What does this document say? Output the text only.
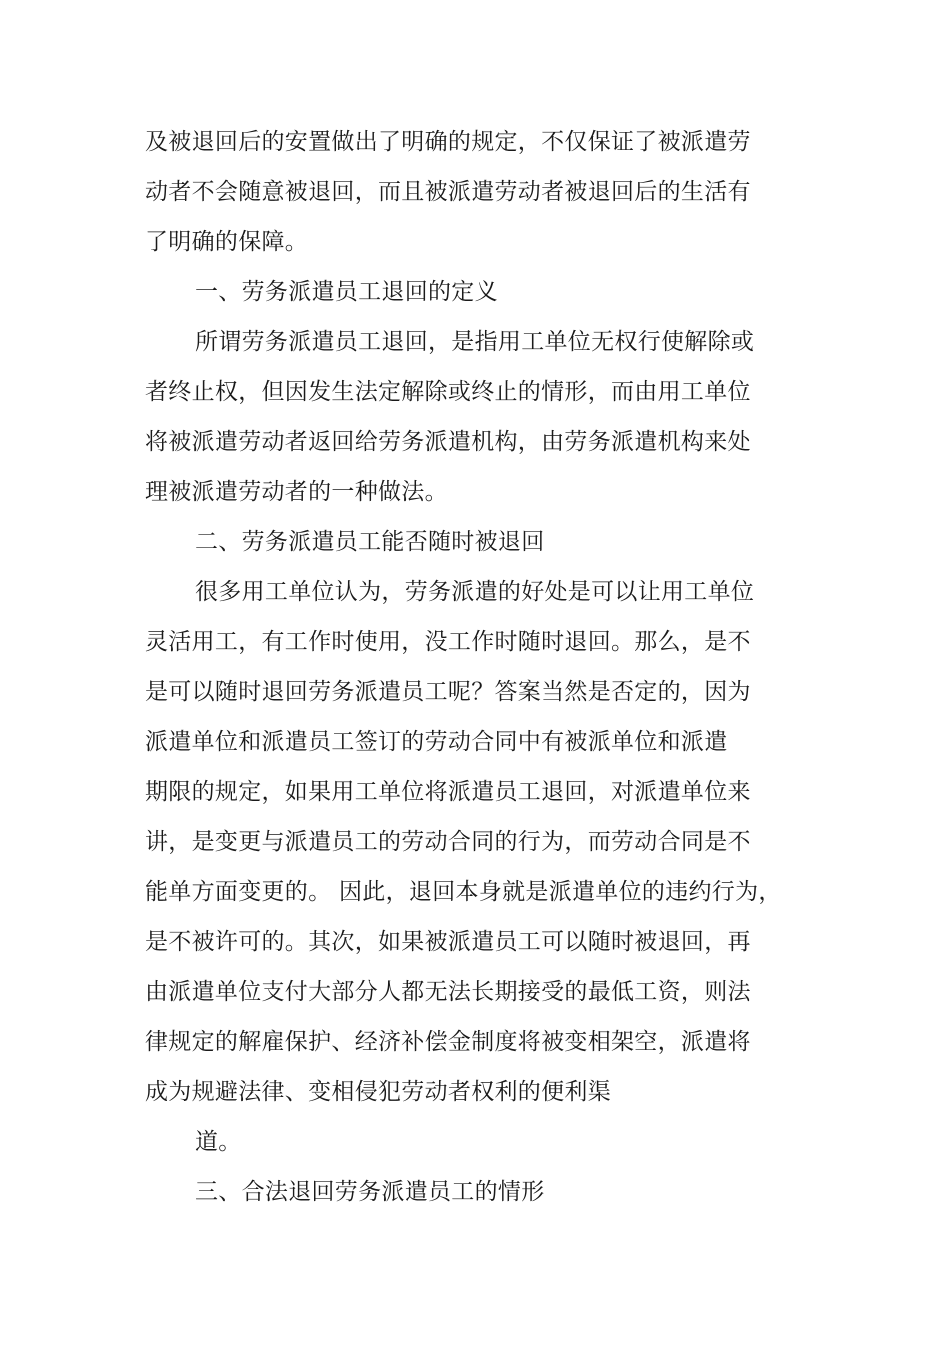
及被退回后的安置做出了明确的规定，不仅保证了被派遣劳
动者不会随意被退回，而且被派遣劳动者被退回后的生活有
了明确的保障。
一、劳务派遣员工退回的定义
所谓劳务派遣员工退回，是指用工单位无权行使解除或
者终止权，但因发生法定解除或终止的情形，而由用工单位
将被派遣劳动者返回给劳务派遣机构，由劳务派遣机构来处
理被派遣劳动者的一种做法。
二、劳务派遣员工能否随时被退回
很多用工单位认为，劳务派遣的好处是可以让用工单位
灵活用工，有工作时使用，没工作时随时退回。那么，是不
是可以随时退回劳务派遣员工呢？答案当然是否定的，因为
派遣单位和派遣员工签订的劳动合同中有被派单位和派遣
期限的规定，如果用工单位将派遣员工退回，对派遣单位来
讲，是变更与派遣员工的劳动合同的行为，而劳动合同是不
能单方面变更的。 因此，退回本身就是派遣单位的违约行为，
是不被许可的。其次，如果被派遣员工可以随时被退回，再
由派遣单位支付大部分人都无法长期接受的最低工资，则法
律规定的解雇保护、经济补偿金制度将被变相架空，派遣将
成为规避法律、变相侵犯劳动者权利的便利渠
道。
三、合法退回劳务派遣员工的情形
